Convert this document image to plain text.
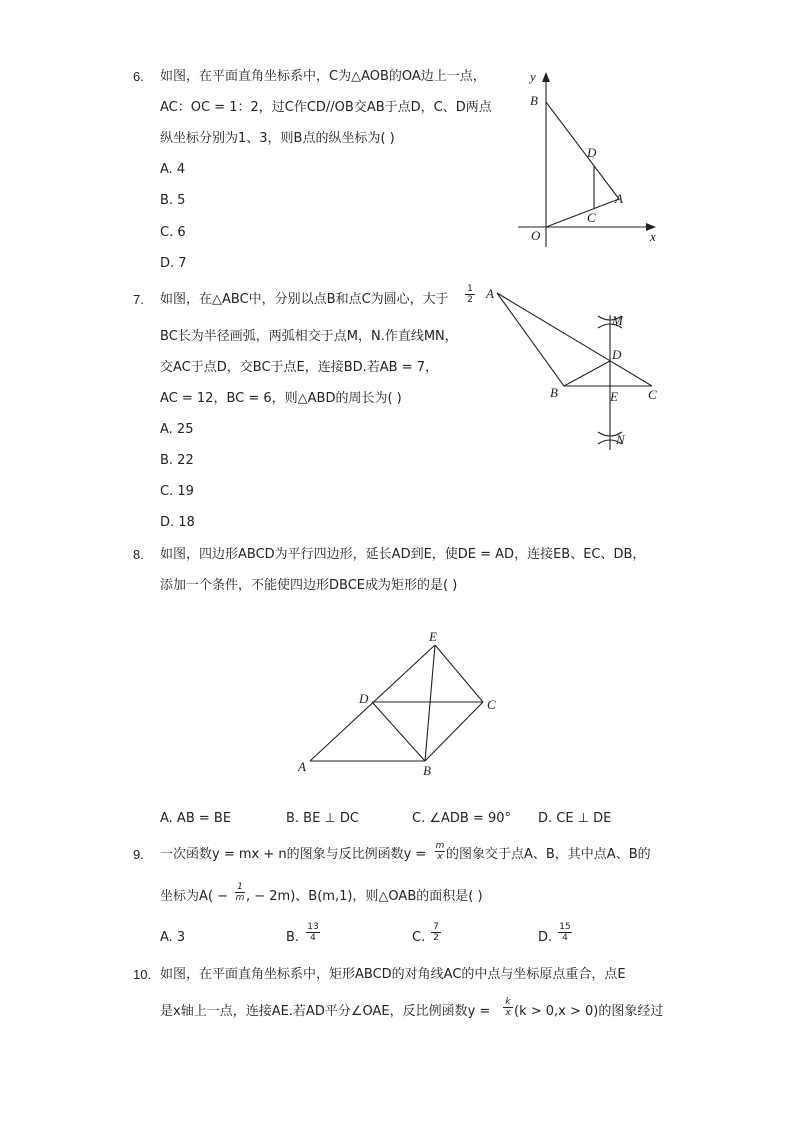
6. 如图，在平面直角坐标系中，C为△AOB的OA边上一点，
AC：OC = 1：2，过C作CD//OB交AB于点D，C、D两点
纵坐标分别为1、3，则B点的纵坐标为( )
A. 4
B. 5
C. 6
D. 7
y
B
D
A
C
O	x
7. 如图，在△ABC中，分别以点B和点C为圆心，大于 $\frac{1}{2}$
BC长为半径画弧，两弧相交于点M，N.作直线MN，
交AC于点D，交BC于点E，连接BD.若AB = 7，
AC = 12，BC = 6，则△ABD的周长为( )
A. 25
B. 22
C. 19
D. 18
A
M
D
B	E C
N
8. 如图，四边形ABCD为平行四边形，延长AD到E，使DE = AD，连接EB、EC、DB，
添加一个条件，不能使四边形DBCE成为矩形的是( )
A	B
C
D
E
A. AB = BE	B. BE ⊥ DC	C. ∠ADB = 90° D. CE ⊥ DE
9. 一次函数y = mx + n的图象与反比例函数$y = \frac{m}{x}$ 的图象交于点A、B，其中点A、B的
坐标为$A( - \frac{1}{m}$ , − 2m)、B(m,1)，则△OAB的面积是( )
A. 3	B. $\frac{13}{4}$	C. $\frac{7}{2}$	D. $\frac{15}{4}$
10. 如图，在平面直角坐标系中，矩形ABCD的对角线AC的中点与坐标原点重合，点E
是x轴上一点，连接AE.若AD平分∠OAE，反比例函数$y = \frac{k}{x} (k > 0,x > 0)$的图象经过
